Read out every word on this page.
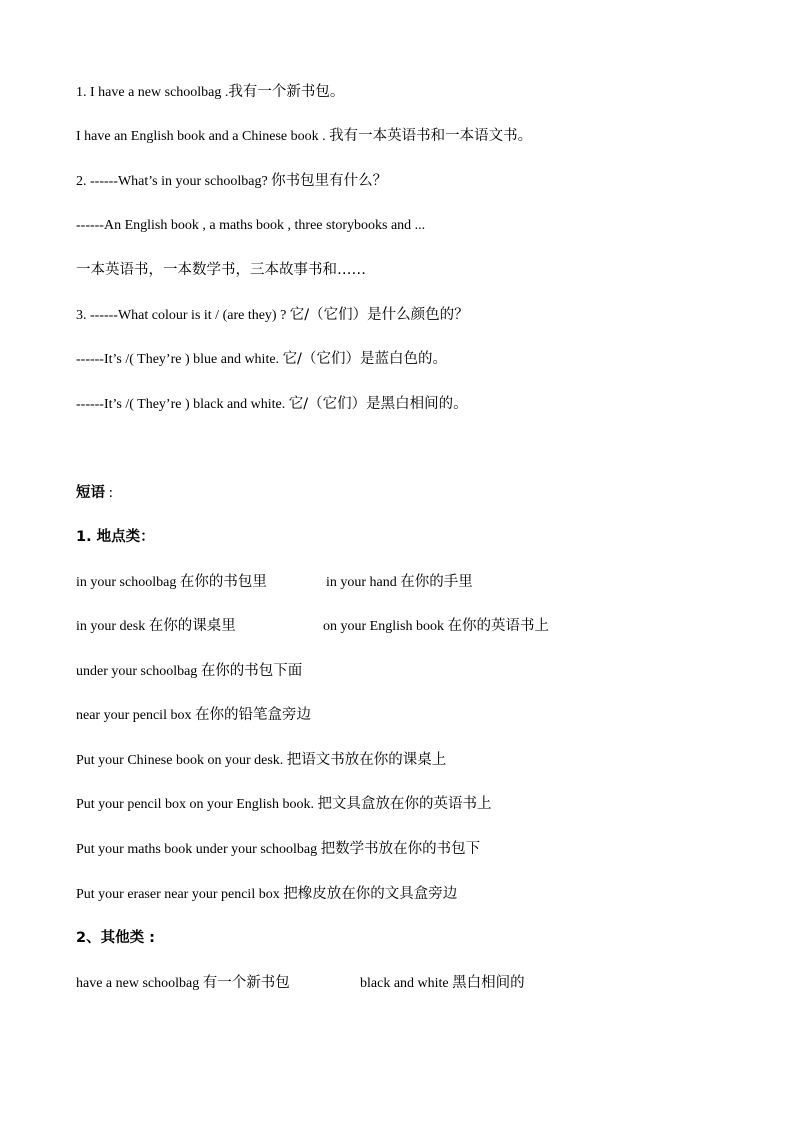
1. I have a new schoolbag .我有一个新书包。
I have an English book and a Chinese book . 我有一本英语书和一本语文书。
2. ------What’s in your schoolbag? 你书包里有什么？
------An English book , a maths book , three storybooks and ...
一本英语书，一本数学书，三本故事书和……
3. ------What colour is it / (are they) ? 它/（它们）是什么颜色的？
------It’s /( They’re ) blue and white. 它/（它们）是蓝白色的。
------It’s /( They’re ) black and white. 它/（它们）是黑白相间的。
短语 :
1. 地点类：
in your schoolbag 在你的书包里	in your hand 在你的手里
in your desk 在你的课桌里	on your English book 在你的英语书上
under your schoolbag 在你的书包下面
near your pencil box 在你的铅笔盒旁边
Put your Chinese book on your desk. 把语文书放在你的课桌上
Put your pencil box on your English book. 把文具盒放在你的英语书上
Put your maths book under your schoolbag 把数学书放在你的书包下
Put your eraser near your pencil box 把橡皮放在你的文具盒旁边
2、其他类 :
have a new schoolbag 有一个新书包	black and white 黑白相间的
